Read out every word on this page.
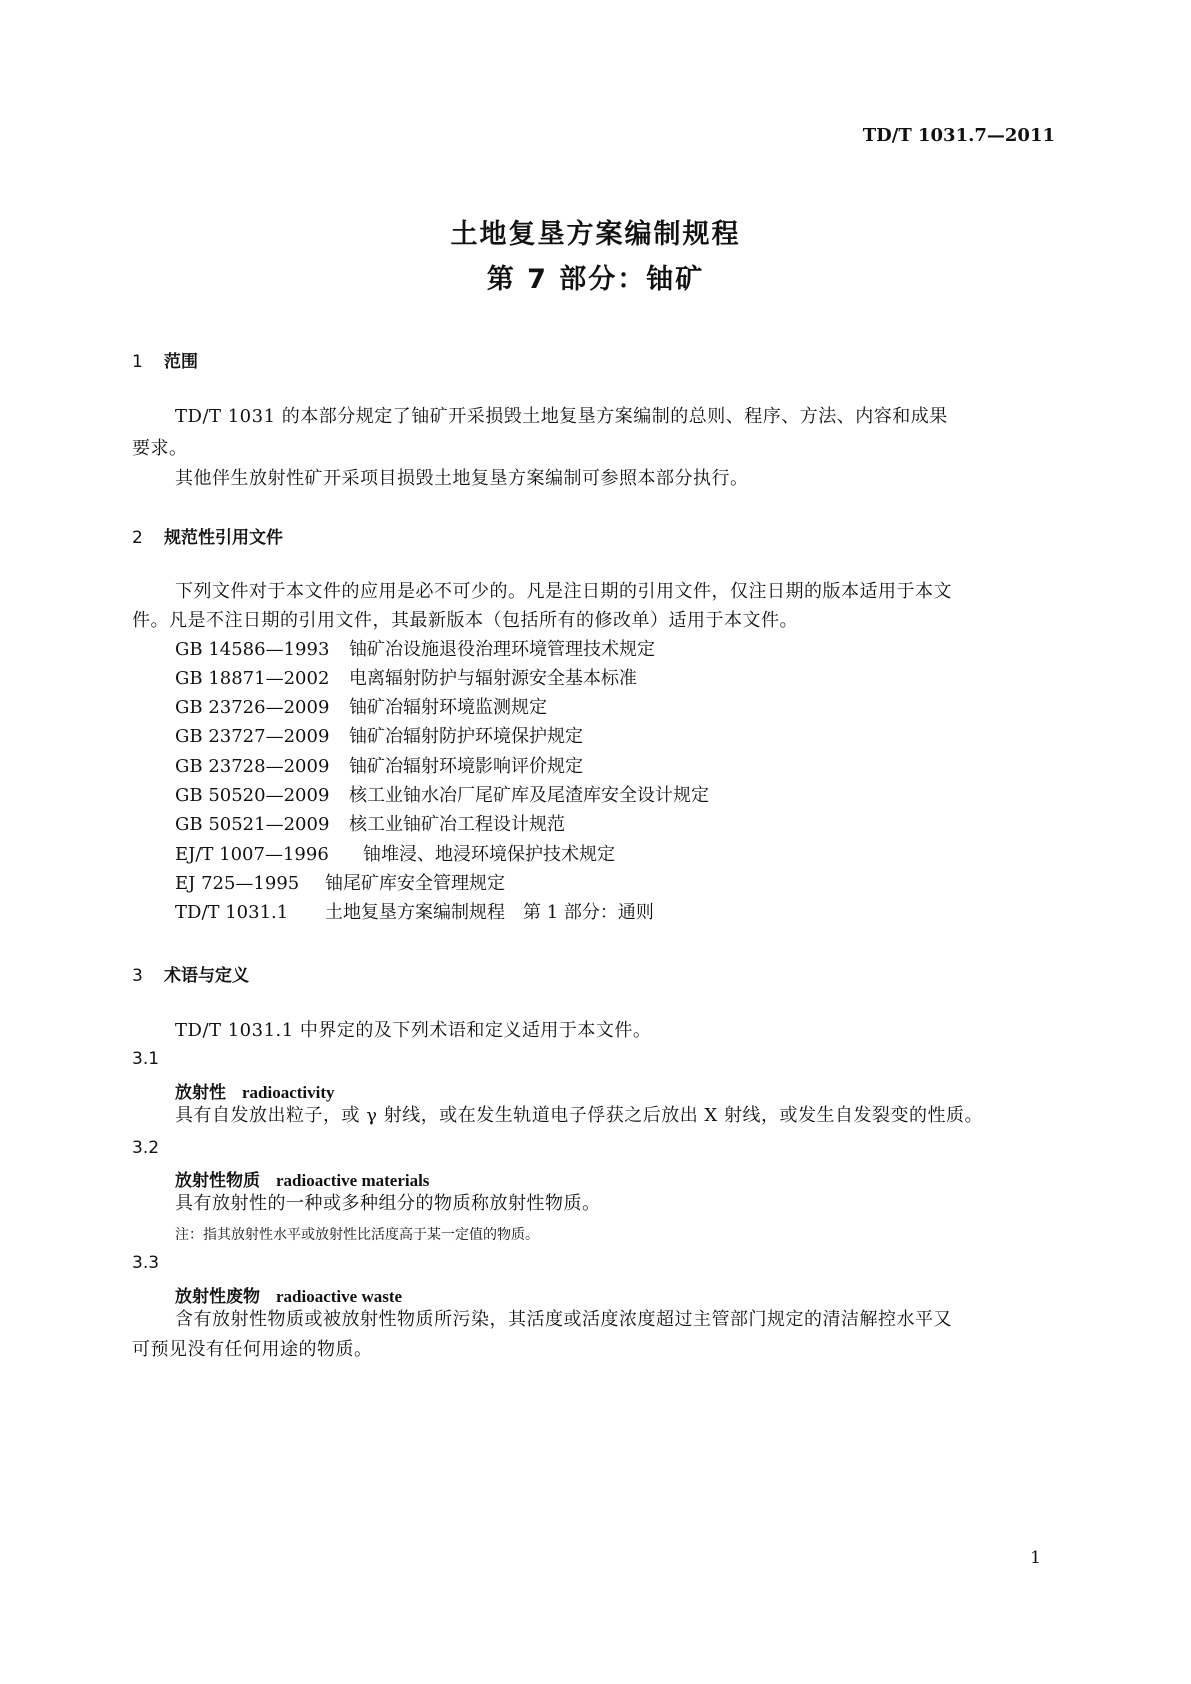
TD/T 1031.7—2011
土地复垦方案编制规程
第 7 部分：铀矿
1 范围
TD/T 1031 的本部分规定了铀矿开采损毁土地复垦方案编制的总则、程序、方法、内容和成果
要求。
其他伴生放射性矿开采项目损毁土地复垦方案编制可参照本部分执行。
2 规范性引用文件
下列文件对于本文件的应用是必不可少的。凡是注日期的引用文件，仅注日期的版本适用于本文
件。凡是不注日期的引用文件，其最新版本（包括所有的修改单）适用于本文件。
GB 14586—1993 铀矿冶设施退役治理环境管理技术规定
GB 18871—2002 电离辐射防护与辐射源安全基本标准
GB 23726—2009 铀矿冶辐射环境监测规定
GB 23727—2009 铀矿冶辐射防护环境保护规定
GB 23728—2009 铀矿冶辐射环境影响评价规定
GB 50520—2009 核工业铀水冶厂尾矿库及尾渣库安全设计规定
GB 50521—2009 核工业铀矿冶工程设计规范
EJ/T 1007—1996 铀堆浸、地浸环境保护技术规定
EJ 725—1995 铀尾矿库安全管理规定
TD/T 1031.1 土地复垦方案编制规程　第 1 部分：通则
3 术语与定义
TD/T 1031.1 中界定的及下列术语和定义适用于本文件。
3.1
放射性 radioactivity
具有自发放出粒子，或 γ 射线，或在发生轨道电子俘获之后放出 X 射线，或发生自发裂变的性质。
3.2
放射性物质 radioactive materials
具有放射性的一种或多种组分的物质称放射性物质。
注：指其放射性水平或放射性比活度高于某一定值的物质。
3.3
放射性废物 radioactive waste
含有放射性物质或被放射性物质所污染，其活度或活度浓度超过主管部门规定的清洁解控水平又
可预见没有任何用途的物质。
1
